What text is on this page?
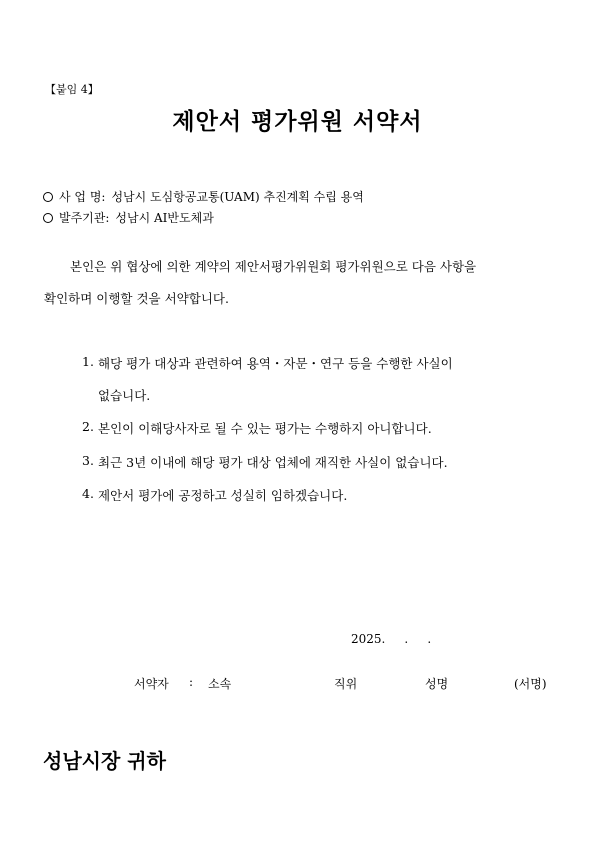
【붙임 4】
제안서 평가위원 서약서
사 업 명: 성남시 도심항공교통(UAM) 추진계획 수립 용역
발주기관: 성남시 AI반도체과
본인은 위 협상에 의한 계약의 제안서평가위원회 평가위원으로 다음 사항을
확인하며 이행할 것을 서약합니다.
1. 해당 평가 대상과 관련하여 용역・자문・연구 등을 수행한 사실이
없습니다.
2. 본인이 이해당사자로 될 수 있는 평가는 수행하지 아니합니다.
3. 최근 3년 이내에 해당 평가 대상 업체에 재직한 사실이 없습니다.
4. 제안서 평가에 공정하고 성실히 임하겠습니다.
2025.     .     .
서약자 : 소속	직위	성명	(서명)
성남시장 귀하
